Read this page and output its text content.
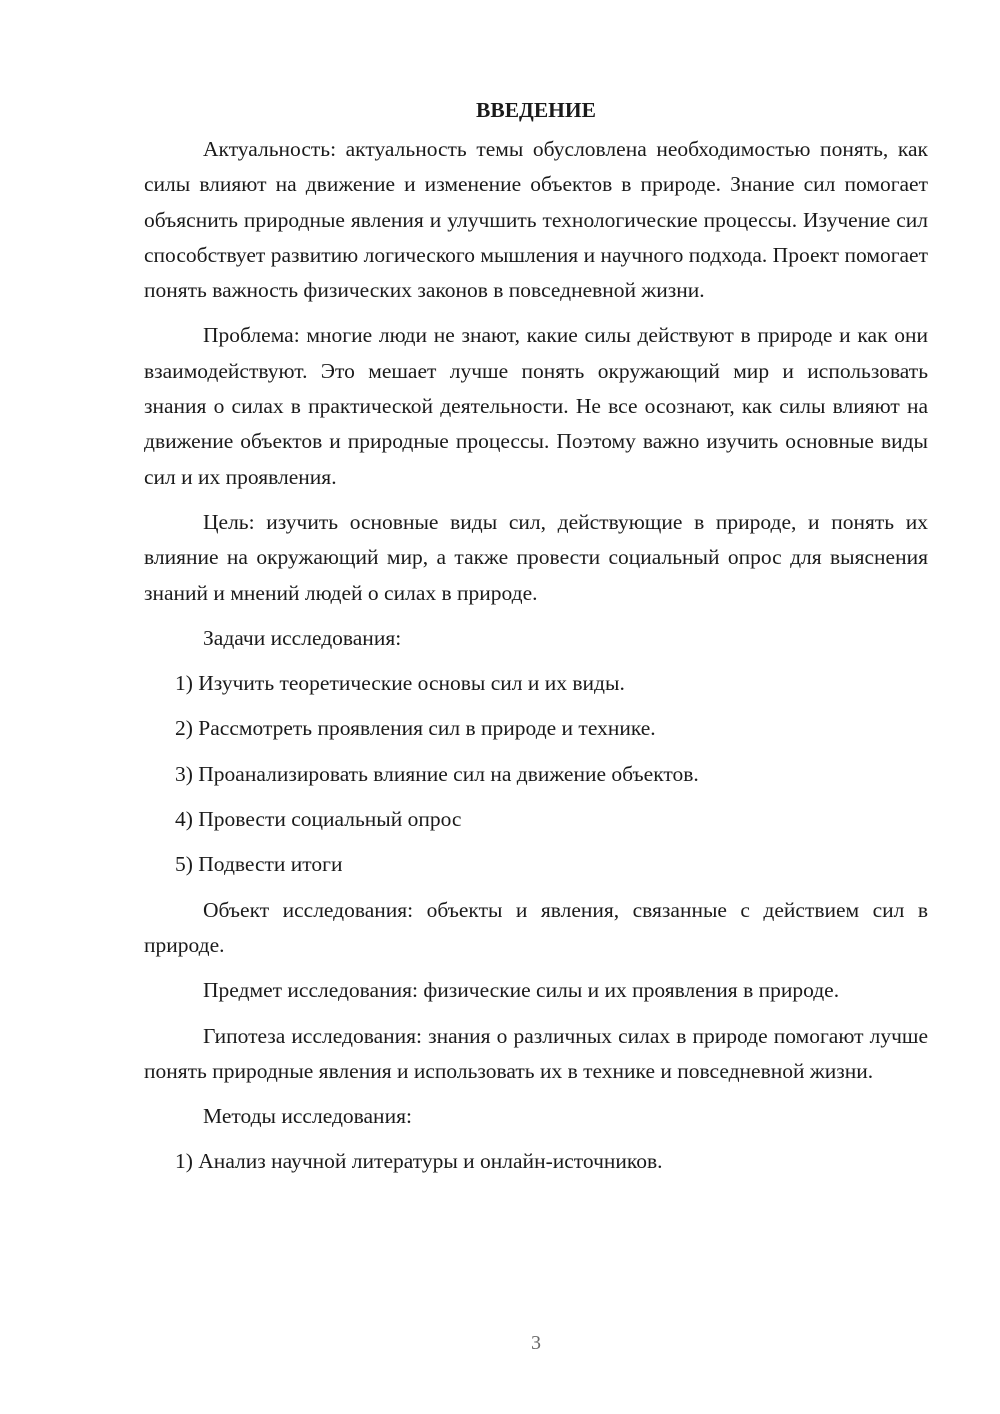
ВВЕДЕНИЕ

Актуальность: актуальность темы обусловлена необходимостью понять, как силы влияют на движение и изменение объектов в природе. Знание сил помогает объяснить природные явления и улучшить технологические процессы. Изучение сил способствует развитию логического мышления и научного подхода. Проект помогает понять важность физических законов в повседневной жизни.

Проблема: многие люди не знают, какие силы действуют в природе и как они взаимодействуют. Это мешает лучше понять окружающий мир и использовать знания о силах в практической деятельности. Не все осознают, как силы влияют на движение объектов и природные процессы. Поэтому важно изучить основные виды сил и их проявления.

Цель: изучить основные виды сил, действующие в природе, и понять их влияние на окружающий мир, а также провести социальный опрос для выяснения знаний и мнений людей о силах в природе.

Задачи исследования:

1) Изучить теоретические основы сил и их виды.
2) Рассмотреть проявления сил в природе и технике.
3) Проанализировать влияние сил на движение объектов.
4) Провести социальный опрос
5) Подвести итоги

Объект исследования: объекты и явления, связанные с действием сил в природе.

Предмет исследования: физические силы и их проявления в природе.

Гипотеза исследования: знания о различных силах в природе помогают лучше понять природные явления и использовать их в технике и повседневной жизни.

Методы исследования:

1) Анализ научной литературы и онлайн-источников.
3
